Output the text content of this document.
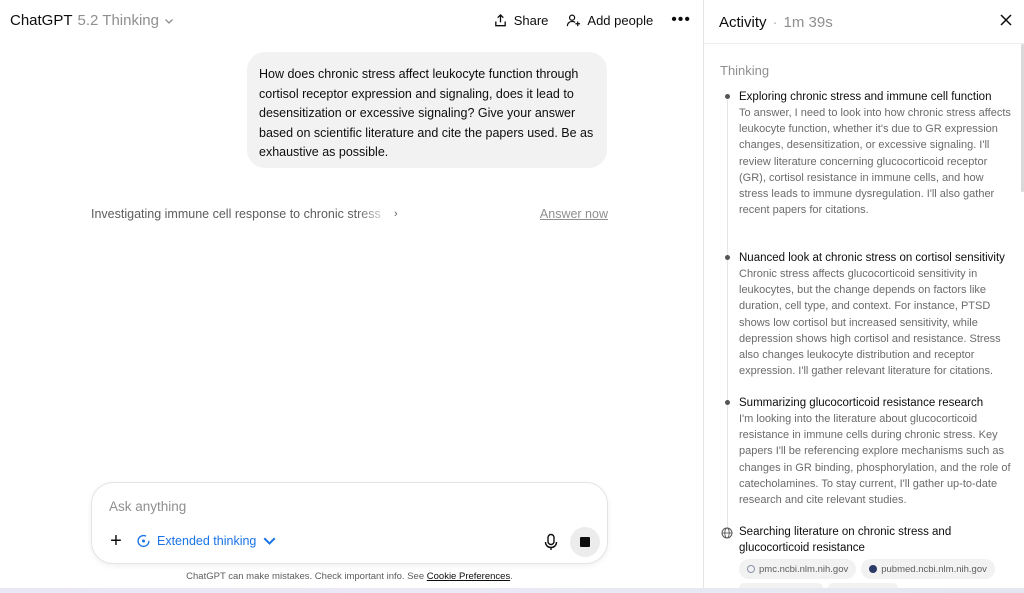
ChatGPT 5.2 Thinking	Share	Add people •••
How does chronic stress affect leukocyte function through cortisol receptor expression and signaling, does it lead to desensitization or excessive signaling? Give your answer based on scientific literature and cite the papers used. Be as exhaustive as possible.
Investigating immune cell response to chronic stress ›	Answer now
Ask anything
+	Extended thinking
ChatGPT can make mistakes. Check important info. See Cookie Preferences.
Activity · 1m 39s
Thinking
Exploring chronic stress and immune cell function
To answer, I need to look into how chronic stress affects leukocyte function, whether it's due to GR expression changes, desensitization, or excessive signaling. I'll review literature concerning glucocorticoid receptor (GR), cortisol resistance in immune cells, and how stress leads to immune dysregulation. I'll also gather recent papers for citations.
Nuanced look at chronic stress on cortisol sensitivity
Chronic stress affects glucocorticoid sensitivity in leukocytes, but the change depends on factors like duration, cell type, and context. For instance, PTSD shows low cortisol but increased sensitivity, while depression shows high cortisol and resistance. Stress also changes leukocyte distribution and receptor expression. I'll gather relevant literature for citations.
Summarizing glucocorticoid resistance research
I'm looking into the literature about glucocorticoid resistance in immune cells during chronic stress. Key papers I'll be referencing explore mechanisms such as changes in GR binding, phosphorylation, and the role of catecholamines. To stay current, I'll gather up-to-date research and cite relevant studies.
Searching literature on chronic stress and glucocorticoid resistance
pmc.ncbi.nlm.nih.gov	pubmed.ncbi.nlm.nih.gov
